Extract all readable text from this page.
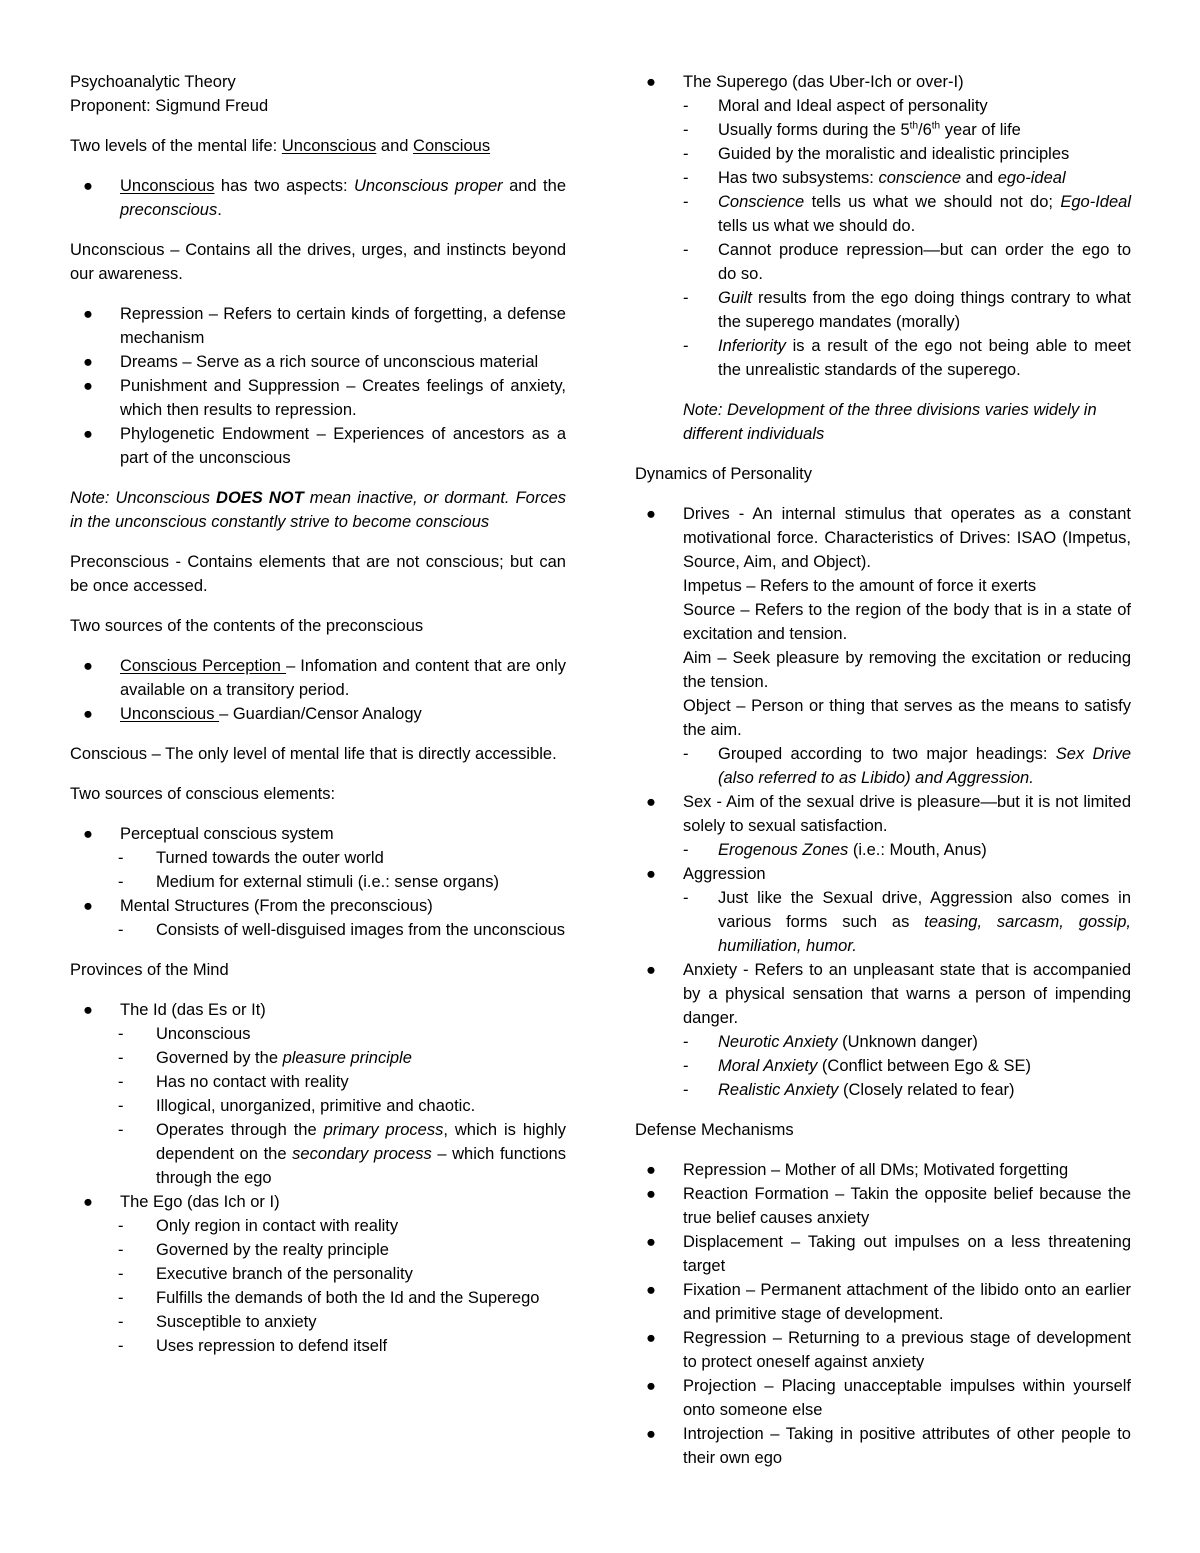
Psychoanalytic Theory

Proponent: Sigmund Freud

Two levels of the mental life: Unconscious and Conscious

● Unconscious has two aspects: Unconscious proper and the preconscious.

Unconscious – Contains all the drives, urges, and instincts beyond our awareness.

● Repression – Refers to certain kinds of forgetting, a defense mechanism
● Dreams – Serve as a rich source of unconscious material
● Punishment and Suppression – Creates feelings of anxiety, which then results to repression.
● Phylogenetic Endowment – Experiences of ancestors as a part of the unconscious

Note: Unconscious DOES NOT mean inactive, or dormant. Forces in the unconscious constantly strive to become conscious

Preconscious - Contains elements that are not conscious; but can be once accessed.

Two sources of the contents of the preconscious

● Conscious Perception – Infomation and content that are only available on a transitory period.
● Unconscious – Guardian/Censor Analogy

Conscious – The only level of mental life that is directly accessible.

Two sources of conscious elements:

● Perceptual conscious system
- Turned towards the outer world
- Medium for external stimuli (i.e.: sense organs)
● Mental Structures (From the preconscious)
- Consists of well-disguised images from the unconscious

Provinces of the Mind

● The Id (das Es or It)
- Unconscious
- Governed by the pleasure principle
- Has no contact with reality
- Illogical, unorganized, primitive and chaotic.
- Operates through the primary process, which is highly dependent on the secondary process – which functions through the ego
● The Ego (das Ich or I)
- Only region in contact with reality
- Governed by the realty principle
- Executive branch of the personality
- Fulfills the demands of both the Id and the Superego
- Susceptible to anxiety
- Uses repression to defend itself
● The Superego (das Uber-Ich or over-I)
- Moral and Ideal aspect of personality
- Usually forms during the 5th/6th year of life
- Guided by the moralistic and idealistic principles
- Has two subsystems: conscience and ego-ideal
- Conscience tells us what we should not do; Ego-Ideal tells us what we should do.
- Cannot produce repression—but can order the ego to do so.
- Guilt results from the ego doing things contrary to what the superego mandates (morally)
- Inferiority is a result of the ego not being able to meet the unrealistic standards of the superego.

Note: Development of the three divisions varies widely in different individuals

Dynamics of Personality

● Drives - An internal stimulus that operates as a constant motivational force. Characteristics of Drives: ISAO (Impetus, Source, Aim, and Object).

Impetus – Refers to the amount of force it exerts

Source – Refers to the region of the body that is in a state of excitation and tension.

Aim – Seek pleasure by removing the excitation or reducing the tension.

Object – Person or thing that serves as the means to satisfy the aim.

- Grouped according to two major headings: Sex Drive (also referred to as Libido) and Aggression.
● Sex - Aim of the sexual drive is pleasure—but it is not limited solely to sexual satisfaction.
- Erogenous Zones (i.e.: Mouth, Anus)
● Aggression
- Just like the Sexual drive, Aggression also comes in various forms such as teasing, sarcasm, gossip, humiliation, humor.
● Anxiety - Refers to an unpleasant state that is accompanied by a physical sensation that warns a person of impending danger.
- Neurotic Anxiety (Unknown danger)
- Moral Anxiety (Conflict between Ego & SE)
- Realistic Anxiety (Closely related to fear)

Defense Mechanisms

● Repression – Mother of all DMs; Motivated forgetting
● Reaction Formation – Takin the opposite belief because the true belief causes anxiety
● Displacement – Taking out impulses on a less threatening target
● Fixation – Permanent attachment of the libido onto an earlier and primitive stage of development.
● Regression – Returning to a previous stage of development to protect oneself against anxiety
● Projection – Placing unacceptable impulses within yourself onto someone else
● Introjection – Taking in positive attributes of other people to their own ego
